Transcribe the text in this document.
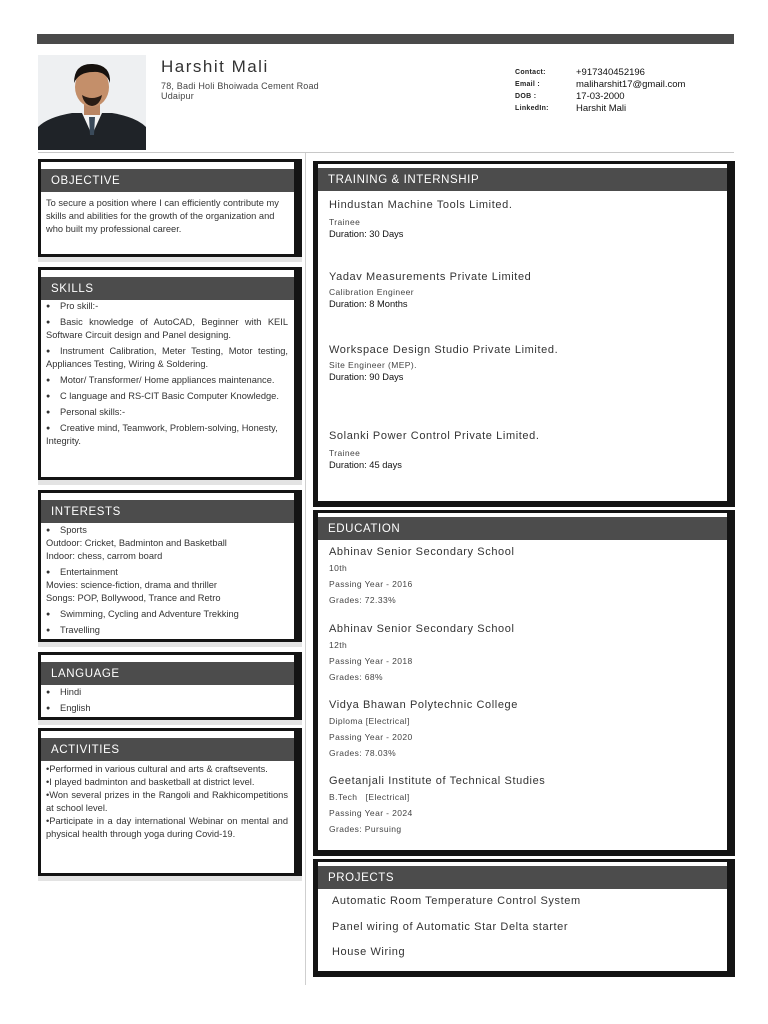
Harshit Mali
78, Badi Holi Bhoiwada Cement Road
Udaipur
Contact:	+917340452196
Email :	maliharshit17@gmail.com
DOB :	17-03-2000
LinkedIn:	Harshit Mali
OBJECTIVE
To secure a position where I can efficiently contribute my skills and abilities for the growth of the organization and who built my professional career.
SKILLS
● Pro skill:-
● Basic knowledge of AutoCAD, Beginner with KEIL Software Circuit design and Panel designing.
● Instrument Calibration, Meter Testing, Motor testing, Appliances Testing, Wiring & Soldering.
● Motor/ Transformer/ Home appliances maintenance.
● C language and RS-CIT Basic Computer Knowledge.
● Personal skills:-
● Creative mind, Teamwork, Problem-solving, Honesty, Integrity.
INTERESTS
● Sports
Outdoor: Cricket, Badminton and Basketball
Indoor: chess, carrom board
● Entertainment
Movies: science-fiction, drama and thriller
Songs: POP, Bollywood, Trance and Retro
● Swimming, Cycling and Adventure Trekking
● Travelling
LANGUAGE
● Hindi
● English
ACTIVITIES
•Performed in various cultural and arts & craftsevents.
•I played badminton and basketball at district level.
•Won several prizes in the Rangoli and Rakhicompetitions at school level.
•Participate in a day international Webinar on mental and physical health through yoga during Covid-19.
TRAINING & INTERNSHIP
Hindustan Machine Tools Limited.
Trainee
Duration: 30 Days
Yadav Measurements Private Limited
Calibration Engineer
Duration: 8 Months
Workspace Design Studio Private Limited.
Site Engineer (MEP).
Duration: 90 Days
Solanki Power Control Private Limited.
Trainee
Duration: 45 days
EDUCATION
Abhinav Senior Secondary School
10th
Passing Year - 2016
Grades: 72.33%
Abhinav Senior Secondary School
12th
Passing Year - 2018
Grades: 68%
Vidya Bhawan Polytechnic College
Diploma [Electrical]
Passing Year - 2020
Grades: 78.03%
Geetanjali Institute of Technical Studies
B.Tech   [Electrical]
Passing Year - 2024
Grades: Pursuing
PROJECTS
Automatic Room Temperature Control System
Panel wiring of Automatic Star Delta starter
House Wiring
